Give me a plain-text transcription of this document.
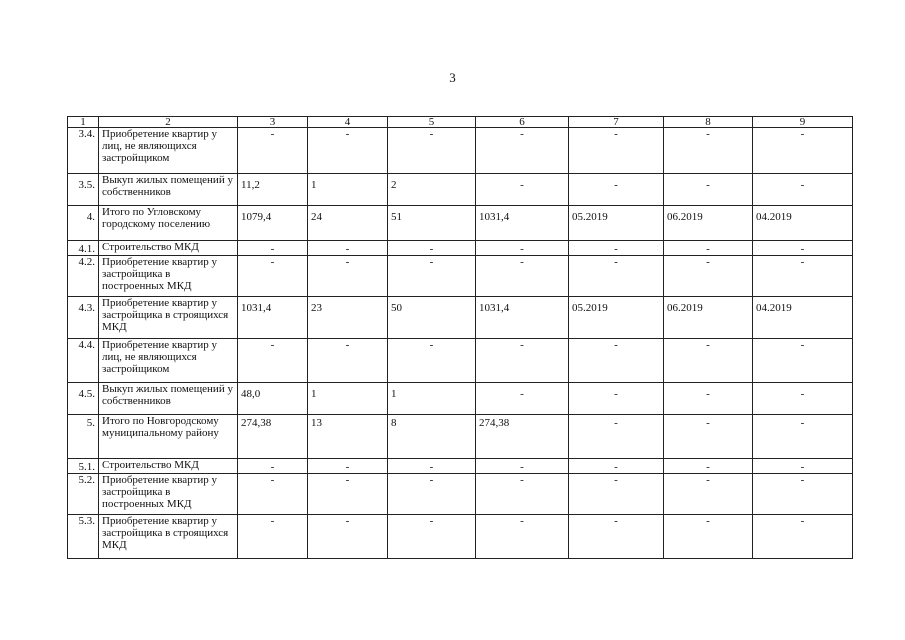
3
1	2	3	4	5	6	7	8	9
3.4.	Приобретение квартир у лиц, не являющихся застройщиком	-	-	-	-	-	-	-
3.5.	Выкуп жилых помещений у собственников	11,2	1	2	-	-	-	-
4.	Итого по Угловскому городскому поселению	1079,4	24	51	1031,4	05.2019	06.2019	04.2019
4.1.	Строительство МКД	-	-	-	-	-	-	-
4.2.	Приобретение квартир у застройщика в построенных МКД	-	-	-	-	-	-	-
4.3.	Приобретение квартир у застройщика в строящихся МКД	1031,4	23	50	1031,4	05.2019	06.2019	04.2019
4.4.	Приобретение квартир у лиц, не являющихся застройщиком	-	-	-	-	-	-	-
4.5.	Выкуп жилых помещений у собственников	48,0	1	1	-	-	-	-
5.	Итого по Новгородскому муниципальному району	274,38	13	8	274,38	-	-	-
5.1.	Строительство МКД	-	-	-	-	-	-	-
5.2.	Приобретение квартир у застройщика в построенных МКД	-	-	-	-	-	-	-
5.3.	Приобретение квартир у застройщика в строящихся МКД	-	-	-	-	-	-	-
